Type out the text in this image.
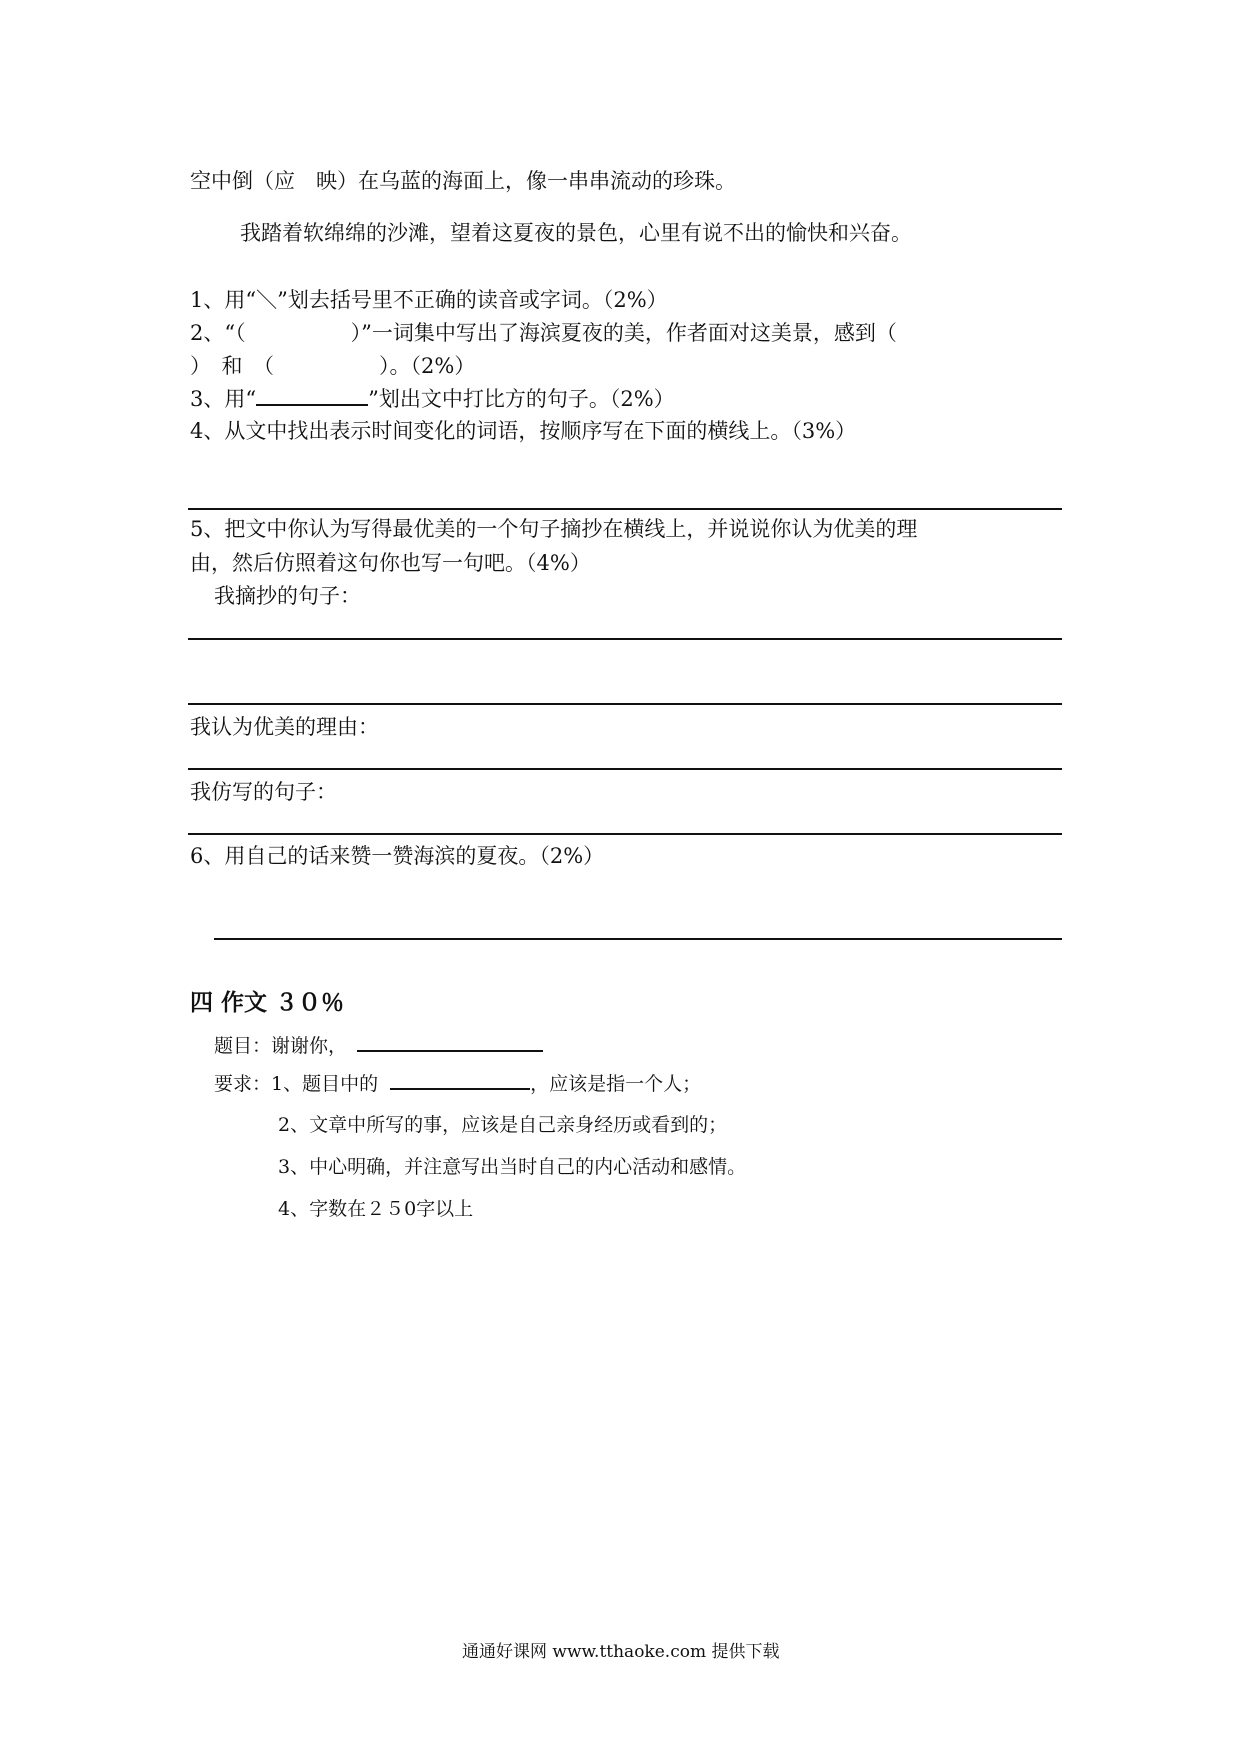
空中倒（应　映）在乌蓝的海面上，像一串串流动的珍珠。
我踏着软绵绵的沙滩，望着这夏夜的景色，心里有说不出的愉快和兴奋。
1、用“＼”划去括号里不正确的读音或字词。（2%）
2、“（　　　　　）”一词集中写出了海滨夏夜的美，作者面对这美景，感到（
）　和　（　　　　　）。（2%）
3、用“	”划出文中打比方的句子。（2%）
4、从文中找出表示时间变化的词语，按顺序写在下面的横线上。（3%）
5、把文中你认为写得最优美的一个句子摘抄在横线上，并说说你认为优美的理
由，然后仿照着这句你也写一句吧。（4%）
我摘抄的句子：
我认为优美的理由：
我仿写的句子：
6、用自己的话来赞一赞海滨的夏夜。（2%）
四 作文 ３０％
题目：谢谢你，
要求：1、题目中的	，应该是指一个人；
2、文章中所写的事，应该是自己亲身经历或看到的；
3、中心明确，并注意写出当时自己的内心活动和感情。
4、字数在２５0字以上
通通好课网 www.tthaoke.com 提供下载
